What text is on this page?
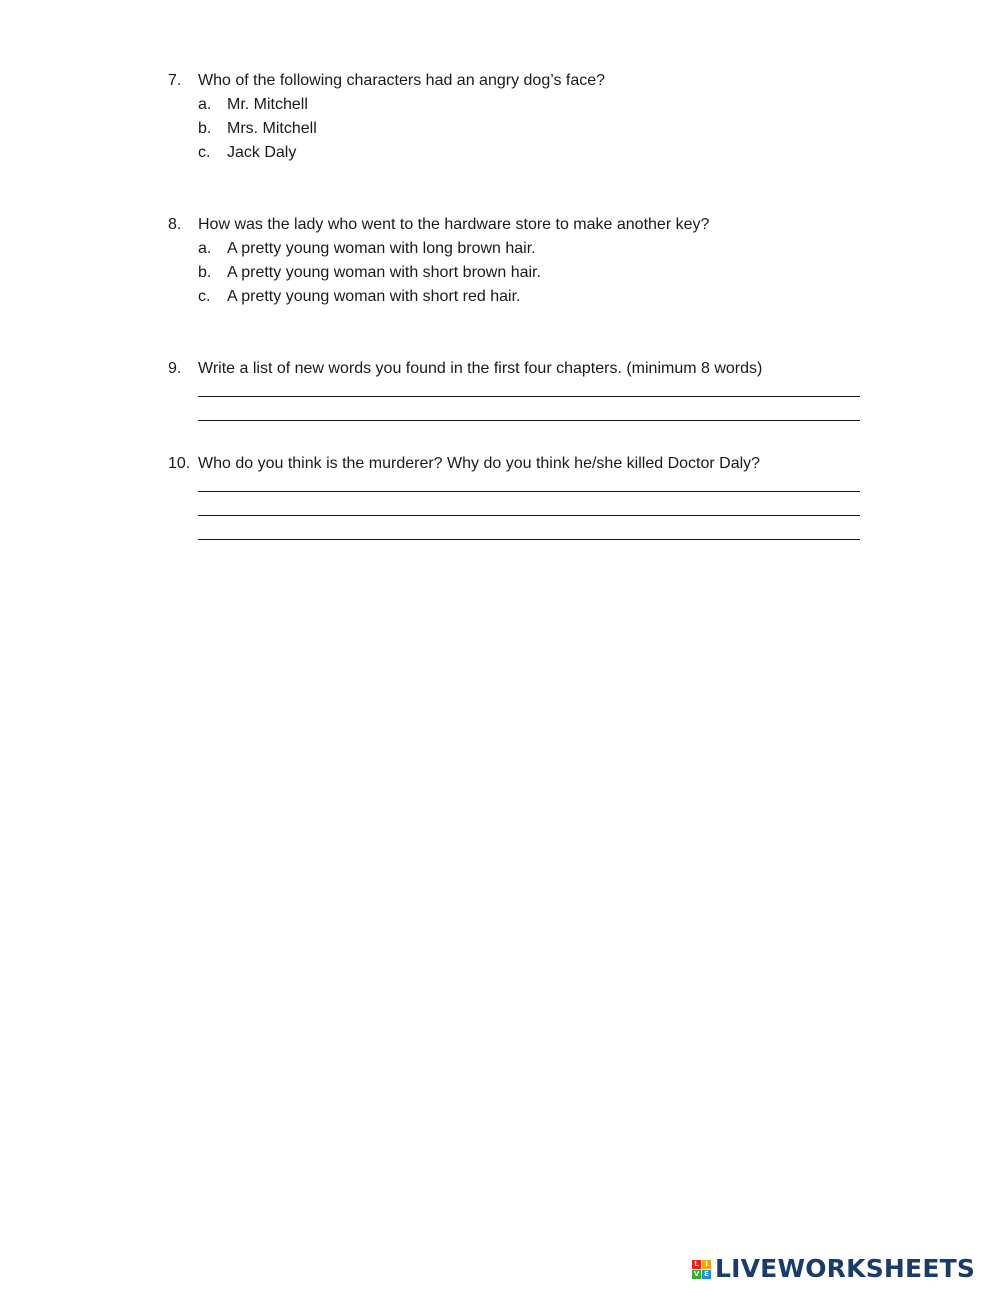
7. Who of the following characters had an angry dog’s face?
a. Mr. Mitchell
b. Mrs. Mitchell
c. Jack Daly
8. How was the lady who went to the hardware store to make another key?
a. A pretty young woman with long brown hair.
b. A pretty young woman with short brown hair.
c. A pretty young woman with short red hair.
9. Write a list of new words you found in the first four chapters. (minimum 8 words)
10. Who do you think is the murderer? Why do you think he/she killed Doctor Daly?
L I
V E LIVEWORKSHEETS
